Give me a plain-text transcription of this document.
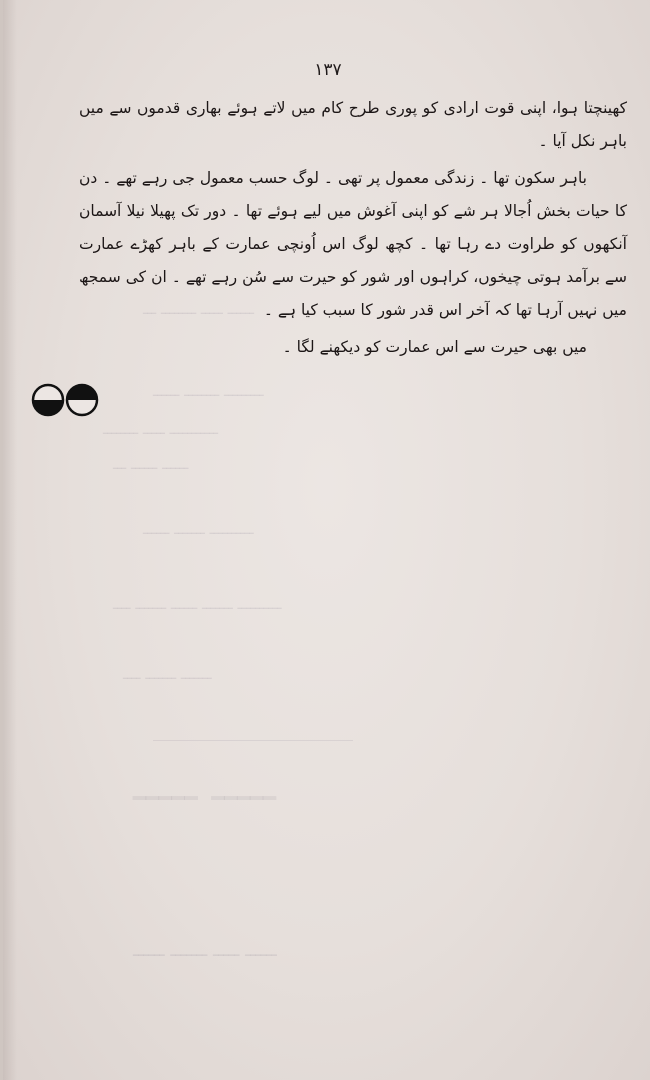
ــــــ ـــــ ــــــــ ـــ
ـــــــــ ــــــــ ــــــ
ـــــــــــ ـــــ ــــــــ
ــــــ ــــــ ـــ
ــــــــــ ـــــــ ــــــ
ــــــــــ ـــــــ ــــــ ـــــــ ــــ
ـــــــ ـــــــ ــــ
ـــــ ـــــ
ــــــ ـــــ ـــــــ ــــــ
۱۳۷

کھینچتا ہوا، اپنی قوت ارادی کو پوری طرح کام میں لاتے ہوئے بھاری قدموں سے میں باہر نکل آیا ۔

باہر سکون تھا ۔ زندگی معمول پر تھی ۔ لوگ حسب معمول جی رہے تھے ۔ دن کا حیات بخش اُجالا ہر شے کو اپنی آغوش میں لیے ہوئے تھا ۔ دور تک پھیلا نیلا آسمان آنکھوں کو طراوت دے رہا تھا ۔ کچھ لوگ اس اُونچی عمارت کے باہر کھڑے عمارت سے برآمد ہوتی چیخوں، کراہوں اور شور کو حیرت سے سُن رہے تھے ۔ ان کی سمجھ میں نہیں آرہا تھا کہ آخر اس قدر شور کا سبب کیا ہے ۔

میں بھی حیرت سے اس عمارت کو دیکھنے لگا ۔
